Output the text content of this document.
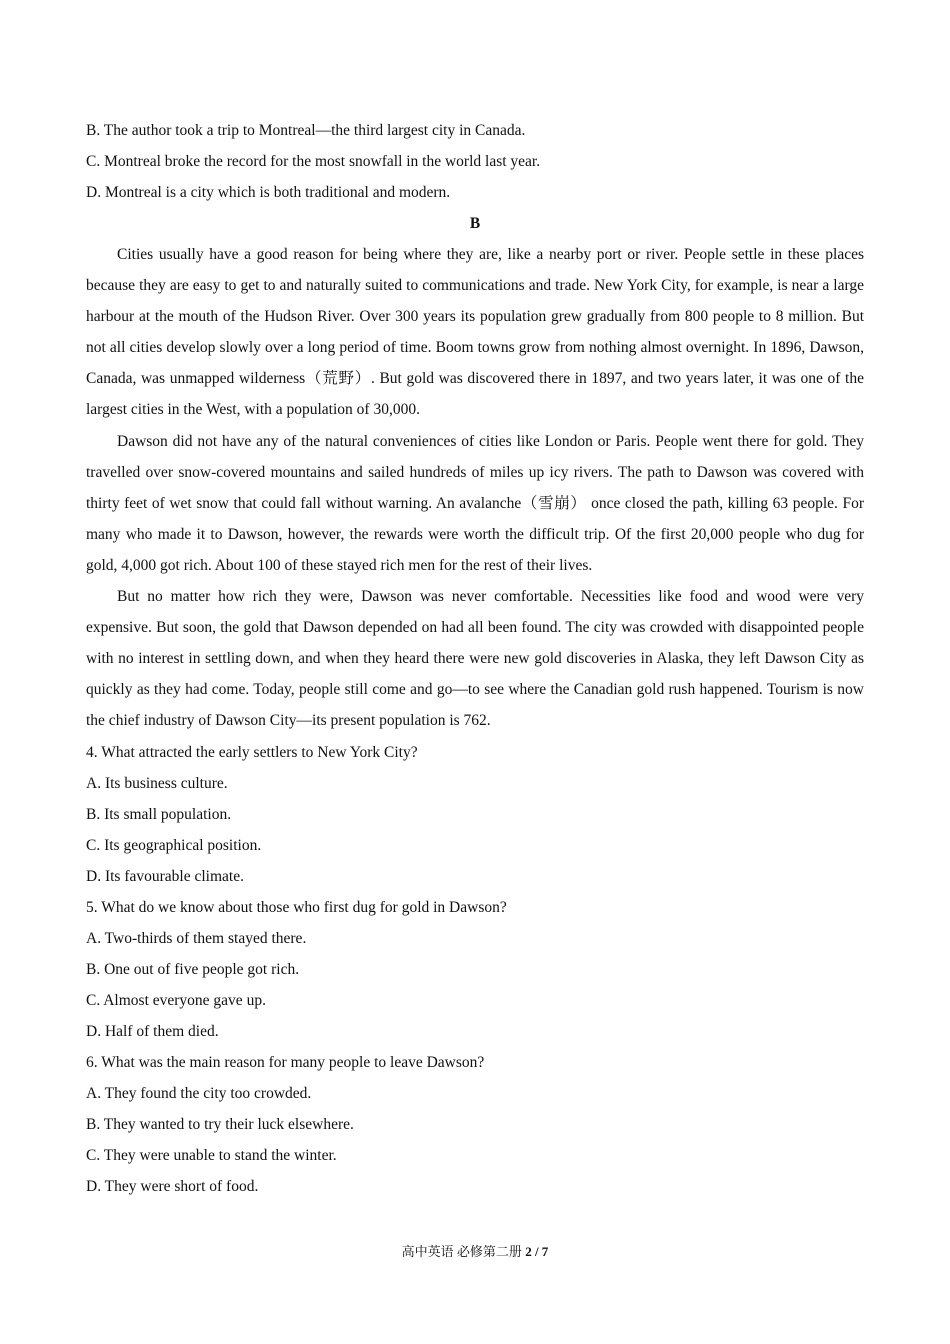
B. The author took a trip to Montreal—the third largest city in Canada.
C. Montreal broke the record for the most snowfall in the world last year.
D. Montreal is a city which is both traditional and modern.
B

Cities usually have a good reason for being where they are, like a nearby port or river. People settle in these places because they are easy to get to and naturally suited to communications and trade. New York City, for example, is near a large harbour at the mouth of the Hudson River. Over 300 years its population grew gradually from 800 people to 8 million. But not all cities develop slowly over a long period of time. Boom towns grow from nothing almost overnight. In 1896, Dawson, Canada, was unmapped wilderness（荒野）. But gold was discovered there in 1897, and two years later, it was one of the largest cities in the West, with a population of 30,000.

Dawson did not have any of the natural conveniences of cities like London or Paris. People went there for gold. They travelled over snow-covered mountains and sailed hundreds of miles up icy rivers. The path to Dawson was covered with thirty feet of wet snow that could fall without warning. An avalanche（雪崩） once closed the path, killing 63 people. For many who made it to Dawson, however, the rewards were worth the difficult trip. Of the first 20,000 people who dug for gold, 4,000 got rich. About 100 of these stayed rich men for the rest of their lives.

But no matter how rich they were, Dawson was never comfortable. Necessities like food and wood were very expensive. But soon, the gold that Dawson depended on had all been found. The city was crowded with disappointed people with no interest in settling down, and when they heard there were new gold discoveries in Alaska, they left Dawson City as quickly as they had come. Today, people still come and go—to see where the Canadian gold rush happened. Tourism is now the chief industry of Dawson City—its present population is 762.

4. What attracted the early settlers to New York City?
A. Its business culture.
B. Its small population.
C. Its geographical position.
D. Its favourable climate.
5. What do we know about those who first dug for gold in Dawson?
A. Two-thirds of them stayed there.
B. One out of five people got rich.
C. Almost everyone gave up.
D. Half of them died.
6. What was the main reason for many people to leave Dawson?
A. They found the city too crowded.
B. They wanted to try their luck elsewhere.
C. They were unable to stand the winter.
D. They were short of food.
高中英语 必修第二册 2 / 7
